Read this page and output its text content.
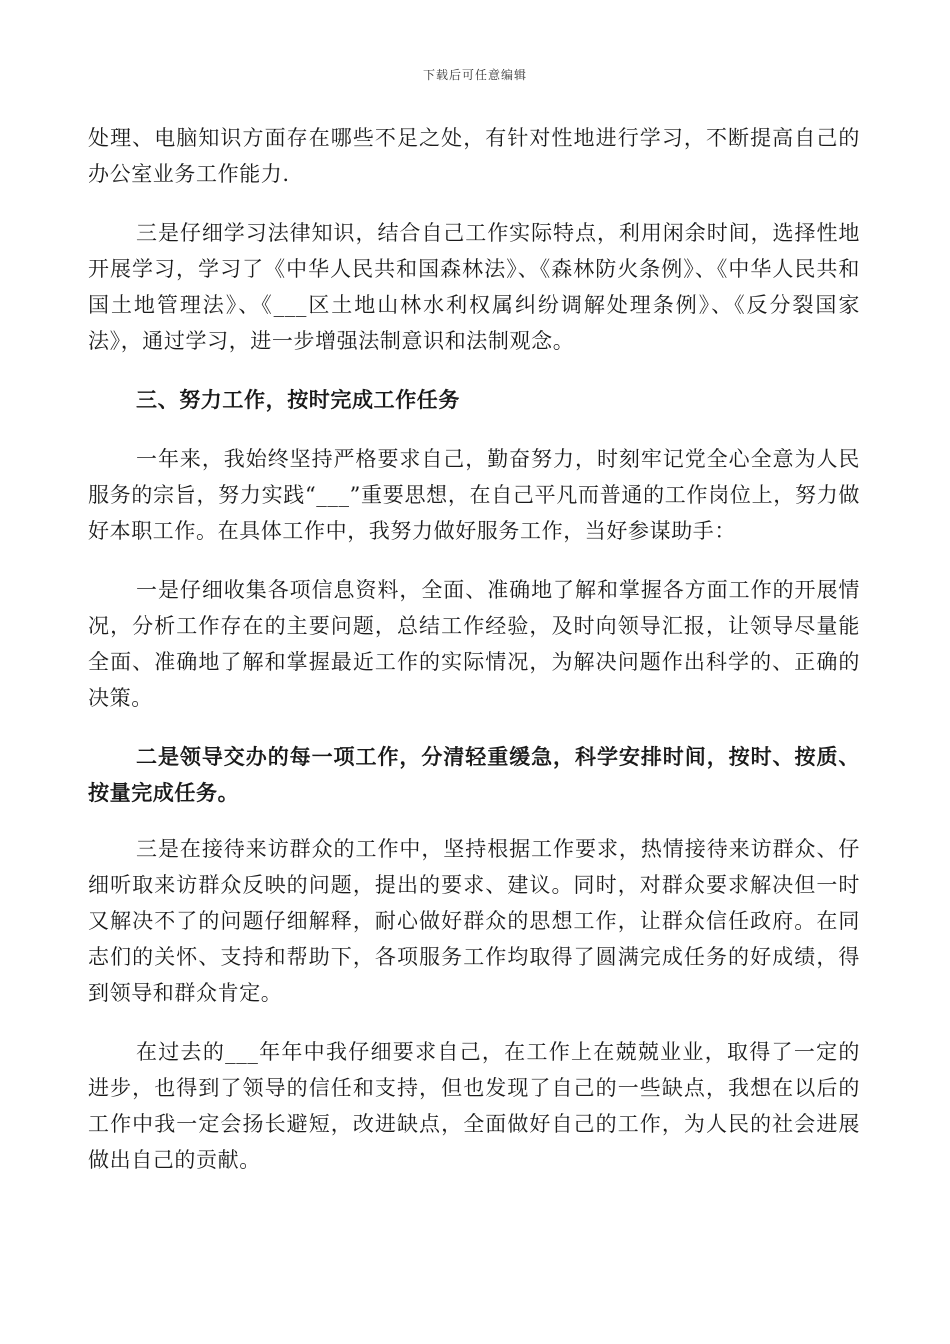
下载后可任意编辑

处理、电脑知识方面存在哪些不足之处，有针对性地进行学习，不断提高自己的办公室业务工作能力.

三是仔细学习法律知识，结合自己工作实际特点，利用闲余时间，选择性地开展学习，学习了《中华人民共和国森林法》、《森林防火条例》、《中华人民共和国土地管理法》、《___区土地山林水利权属纠纷调解处理条例》、《反分裂国家法》，通过学习，进一步增强法制意识和法制观念。

三、努力工作，按时完成工作任务

一年来，我始终坚持严格要求自己，勤奋努力，时刻牢记党全心全意为人民服务的宗旨，努力实践“___”重要思想，在自己平凡而普通的工作岗位上，努力做好本职工作。在具体工作中，我努力做好服务工作，当好参谋助手：

一是仔细收集各项信息资料，全面、准确地了解和掌握各方面工作的开展情况，分析工作存在的主要问题，总结工作经验，及时向领导汇报，让领导尽量能全面、准确地了解和掌握最近工作的实际情况，为解决问题作出科学的、正确的决策。

二是领导交办的每一项工作，分清轻重缓急，科学安排时间，按时、按质、按量完成任务。

三是在接待来访群众的工作中，坚持根据工作要求，热情接待来访群众、仔细听取来访群众反映的问题，提出的要求、建议。同时，对群众要求解决但一时又解决不了的问题仔细解释，耐心做好群众的思想工作，让群众信任政府。在同志们的关怀、支持和帮助下，各项服务工作均取得了圆满完成任务的好成绩，得到领导和群众肯定。

在过去的___年年中我仔细要求自己，在工作上在兢兢业业，取得了一定的进步，也得到了领导的信任和支持，但也发现了自己的一些缺点，我想在以后的工作中我一定会扬长避短，改进缺点，全面做好自己的工作，为人民的社会进展做出自己的贡献。
